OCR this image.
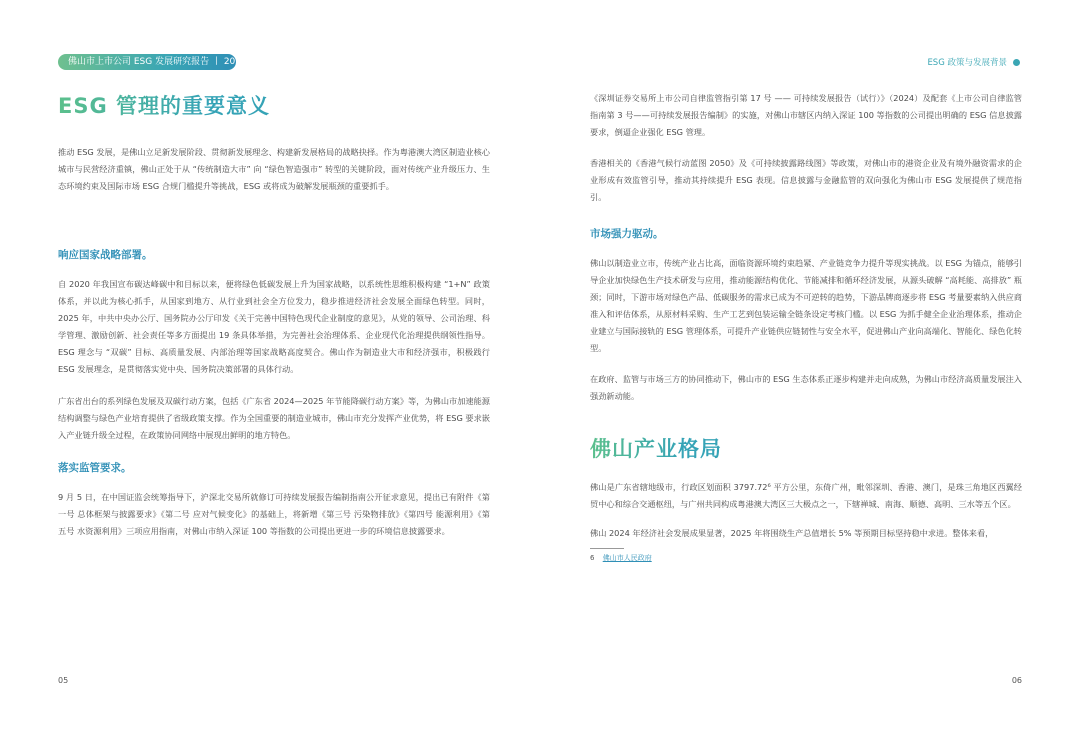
佛山市上市公司 ESG 发展研究报告 丨 2025	ESG 政策与发展背景
ESG 管理的重要意义

推动 ESG 发展，是佛山立足新发展阶段、贯彻新发展理念、构建新发展格局的战略抉择。作为粤港澳大湾区制造业核心城市与民营经济重镇，佛山正处于从 “传统制造大市” 向 “绿色智造强市” 转型的关键阶段，面对传统产业升级压力、生态环境约束及国际市场 ESG 合规门槛提升等挑战，ESG 或将成为破解发展瓶颈的重要抓手。

响应国家战略部署。

自 2020 年我国宣布碳达峰碳中和目标以来，便将绿色低碳发展上升为国家战略，以系统性思维积极构建 “1+N” 政策体系，并以此为核心抓手，从国家到地方、从行业到社会全方位发力，稳步推进经济社会发展全面绿色转型。同时，2025 年，中共中央办公厅、国务院办公厅印发《关于完善中国特色现代企业制度的意见》，从党的领导、公司治理、科学管理、激励创新、社会责任等多方面提出 19 条具体举措，为完善社会治理体系、企业现代化治理提供纲领性指导。ESG 理念与 “双碳” 目标、高质量发展、内部治理等国家战略高度契合。佛山作为制造业大市和经济强市，积极践行 ESG 发展理念，是贯彻落实党中央、国务院决策部署的具体行动。

广东省出台的系列绿色发展及双碳行动方案，包括《广东省 2024—2025 年节能降碳行动方案》等，为佛山市加速能源结构调整与绿色产业培育提供了省级政策支撑。作为全国重要的制造业城市，佛山市充分发挥产业优势，将 ESG 要求嵌入产业链升级全过程，在政策协同网络中展现出鲜明的地方特色。

落实监管要求。

9 月 5 日，在中国证监会统筹指导下，沪深北交易所就修订可持续发展报告编制指南公开征求意见，提出已有附件《第一号 总体框架与披露要求》《第二号 应对气候变化》的基础上，将新增《第三号 污染物排放》《第四号 能源利用》《第五号 水资源利用》三项应用指南，对佛山市纳入深证 100 等指数的公司提出更进一步的环境信息披露要求。

05

《深圳证券交易所上市公司自律监管指引第 17 号 —— 可持续发展报告（试行）》（2024）及配套《上市公司自律监管指南第 3 号——可持续发展报告编制》的实施，对佛山市辖区内纳入深证 100 等指数的公司提出明确的 ESG 信息披露要求，倒逼企业强化 ESG 管理。

香港相关的《香港气候行动蓝图 2050》及《可持续披露路线图》等政策，对佛山市的港资企业及有境外融资需求的企业形成有效监管引导，推动其持续提升 ESG 表现。信息披露与金融监管的双向强化为佛山市 ESG 发展提供了规范指引。

市场强力驱动。

佛山以制造业立市，传统产业占比高，面临资源环境约束趋紧、产业链竞争力提升等现实挑战。以 ESG 为锚点，能够引导企业加快绿色生产技术研发与应用，推动能源结构优化、节能减排和循环经济发展，从源头破解 “高耗能、高排放” 瓶颈；同时，下游市场对绿色产品、低碳服务的需求已成为不可逆转的趋势，下游品牌商逐步将 ESG 考量要素纳入供应商准入和评估体系，从原材料采购、生产工艺到包装运输全链条设定考核门槛。以 ESG 为抓手健全企业治理体系，推动企业建立与国际接轨的 ESG 管理体系，可提升产业链供应链韧性与安全水平，促进佛山产业向高端化、智能化、绿色化转型。

在政府、监管与市场三方的协同推动下，佛山市的 ESG 生态体系正逐步构建并走向成熟，为佛山市经济高质量发展注入强劲新动能。

佛山产业格局

佛山是广东省辖地级市，行政区划面积 3797.72⁶ 平方公里，东倚广州，毗邻深圳、香港、澳门，是珠三角地区西翼经贸中心和综合交通枢纽，与广州共同构成粤港澳大湾区三大极点之一，下辖禅城、南海、顺德、高明、三水等五个区。

佛山 2024 年经济社会发展成果显著，2025 年将围绕生产总值增长 5% 等预期目标坚持稳中求进。整体来看，

6 佛山市人民政府
06
